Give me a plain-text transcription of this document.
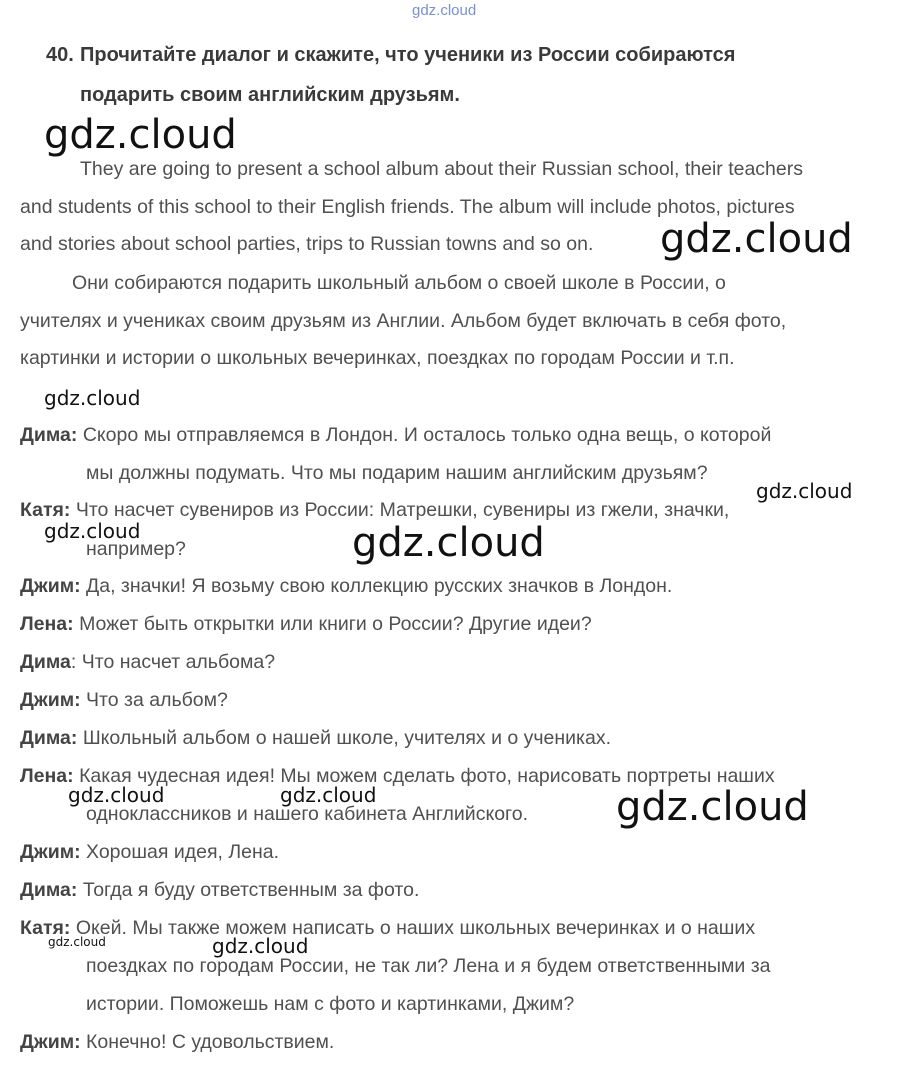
gdz.cloud
40. Прочитайте диалог и скажите, что ученики из России собираются
подарить своим английским друзьям.
gdz.cloud
They are going to present a school album about their Russian school, their teachers
and students of this school to their English friends. The album will include photos, pictures
and stories about school parties, trips to Russian towns and so on. gdz.cloud
Они собираются подарить школьный альбом о своей школе в России, о
учителях и учениках своим друзьям из Англии. Альбом будет включать в себя фото,
картинки и истории о школьных вечеринках, поездках по городам России и т.п.
gdz.cloud
Дима: Скоро мы отправляемся в Лондон. И осталось только одна вещь, о которой
мы должны подумать. Что мы подарим нашим английским друзьям?
gdz.cloud
Катя: Что насчет сувениров из России: Матрешки, сувениры из гжели, значки,
gdz.cloud
например?	gdz.cloud
Джим: Да, значки! Я возьму свою коллекцию русских значков в Лондон.
Лена: Может быть открытки или книги о России? Другие идеи?
Дима: Что насчет альбома?
Джим: Что за альбом?
Дима: Школьный альбом о нашей школе, учителях и о учениках.
Лена: Какая чудесная идея! Мы можем сделать фото, нарисовать портреты наших
gdz.cloud	gdz.cloud
одноклассников и нашего кабинета Английского. gdz.cloud
Джим: Хорошая идея, Лена.
Дима: Тогда я буду ответственным за фото.
Катя: Окей. Мы также можем написать о наших школьных вечеринках и о наших
gdz.cloud	gdz.cloud
поездках по городам России, не так ли? Лена и я будем ответственными за
истории. Поможешь нам с фото и картинками, Джим?
Джим: Конечно! С удовольствием.
